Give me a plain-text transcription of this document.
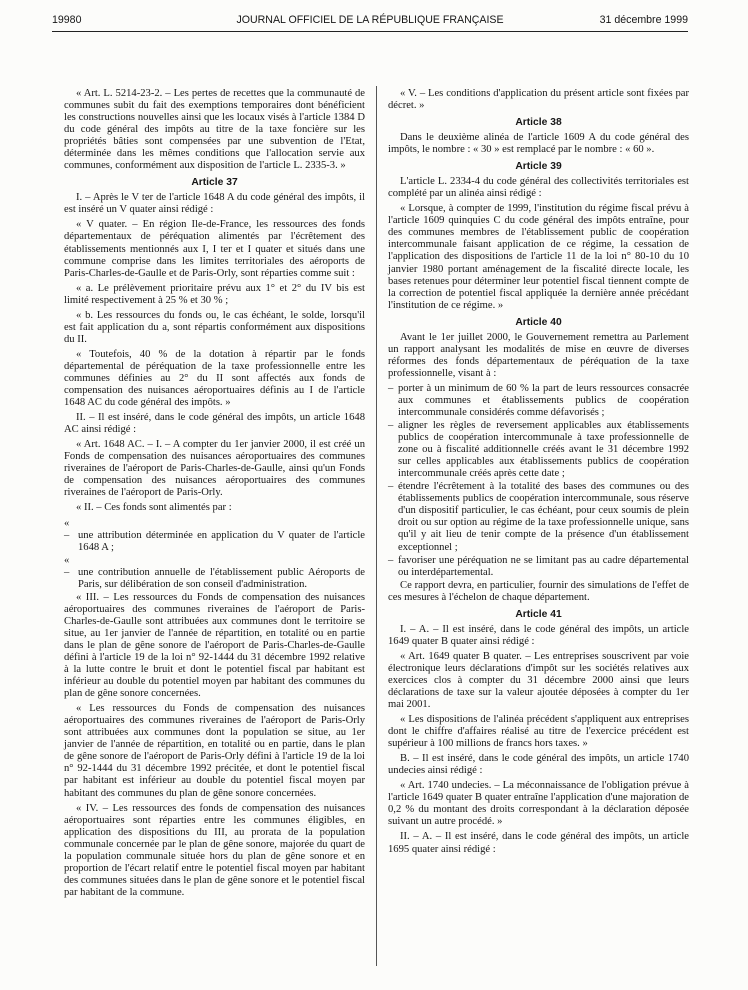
19980	JOURNAL OFFICIEL DE LA RÉPUBLIQUE FRANÇAISE	31 décembre 1999

« Art. L. 5214-23-2. – Les pertes de recettes que la communauté de communes subit du fait des exemptions temporaires dont bénéficient les constructions nouvelles ainsi que les locaux visés à l'article 1384 D du code général des impôts au titre de la taxe foncière sur les propriétés bâties sont compensées par une subvention de l'Etat, déterminée dans les mêmes conditions que l'allocation servie aux communes, conformément aux disposition de l'article L. 2335-3. »

Article 37

I. – Après le V ter de l'article 1648 A du code général des impôts, il est inséré un V quater ainsi rédigé :

« V quater. – En région Ile-de-France, les ressources des fonds départementaux de péréquation alimentés par l'écrêtement des établissements mentionnés aux I, I ter et I quater et situés dans une commune comprise dans les limites territoriales des aéroports de Paris-Charles-de-Gaulle et de Paris-Orly, sont réparties comme suit :

« a. Le prélèvement prioritaire prévu aux 1° et 2° du IV bis est limité respectivement à 25 % et 30 % ;

« b. Les ressources du fonds ou, le cas échéant, le solde, lorsqu'il est fait application du a, sont répartis conformément aux dispositions du II.

« Toutefois, 40 % de la dotation à répartir par le fonds départemental de péréquation de la taxe professionnelle entre les communes définies au 2° du II sont affectés aux fonds de compensation des nuisances aéroportuaires définis au I de l'article 1648 AC du code général des impôts. »

II. – Il est inséré, dans le code général des impôts, un article 1648 AC ainsi rédigé :

« Art. 1648 AC. – I. – A compter du 1er janvier 2000, il est créé un Fonds de compensation des nuisances aéroportuaires des communes riveraines de l'aéroport de Paris-Charles-de-Gaulle, ainsi qu'un Fonds de compensation des nuisances aéroportuaires des communes riveraines de l'aéroport de Paris-Orly.

« II. – Ces fonds sont alimentés par :

« – une attribution déterminée en application du V quater de l'article 1648 A ;
« – une contribution annuelle de l'établissement public Aéroports de Paris, sur délibération de son conseil d'administration.

« III. – Les ressources du Fonds de compensation des nuisances aéroportuaires des communes riveraines de l'aéroport de Paris-Charles-de-Gaulle sont attribuées aux communes dont le territoire se situe, au 1er janvier de l'année de répartition, en totalité ou en partie dans le plan de gêne sonore de l'aéroport de Paris-Charles-de-Gaulle défini à l'article 19 de la loi n° 92-1444 du 31 décembre 1992 relative à la lutte contre le bruit et dont le potentiel fiscal par habitant est inférieur au double du potentiel moyen par habitant des communes du plan de gêne sonore concernées.

« Les ressources du Fonds de compensation des nuisances aéroportuaires des communes riveraines de l'aéroport de Paris-Orly sont attribuées aux communes dont la population se situe, au 1er janvier de l'année de répartition, en totalité ou en partie, dans le plan de gêne sonore de l'aéroport de Paris-Orly défini à l'article 19 de la loi n° 92-1444 du 31 décembre 1992 précitée, et dont le potentiel fiscal par habitant est inférieur au double du potentiel fiscal moyen par habitant des communes du plan de gêne sonore concernées.

« IV. – Les ressources des fonds de compensation des nuisances aéroportuaires sont réparties entre les communes éligibles, en application des dispositions du III, au prorata de la population communale concernée par le plan de gêne sonore, majorée du quart de la population communale située hors du plan de gêne sonore et en proportion de l'écart relatif entre le potentiel fiscal moyen par habitant des communes situées dans le plan de gêne sonore et le potentiel fiscal par habitant de la commune.

« V. – Les conditions d'application du présent article sont fixées par décret. »

Article 38

Dans le deuxième alinéa de l'article 1609 A du code général des impôts, le nombre : « 30 » est remplacé par le nombre : « 60 ».

Article 39

L'article L. 2334-4 du code général des collectivités territoriales est complété par un alinéa ainsi rédigé :

« Lorsque, à compter de 1999, l'institution du régime fiscal prévu à l'article 1609 quinquies C du code général des impôts entraîne, pour des communes membres de l'établissement public de coopération intercommunale faisant application de ce régime, la cessation de l'application des dispositions de l'article 11 de la loi n° 80-10 du 10 janvier 1980 portant aménagement de la fiscalité directe locale, les bases retenues pour déterminer leur potentiel fiscal tiennent compte de la correction de potentiel fiscal appliquée la dernière année précédant l'institution de ce régime. »

Article 40

Avant le 1er juillet 2000, le Gouvernement remettra au Parlement un rapport analysant les modalités de mise en œuvre de diverses réformes des fonds départementaux de péréquation de la taxe professionnelle, visant à :

– porter à un minimum de 60 % la part de leurs ressources consacrée aux communes et établissements publics de coopération intercommunale considérés comme défavorisés ;
– aligner les règles de reversement applicables aux établissements publics de coopération intercommunale à taxe professionnelle de zone ou à fiscalité additionnelle créés avant le 31 décembre 1992 sur celles applicables aux établissements publics de coopération intercommunale créés après cette date ;
– étendre l'écrêtement à la totalité des bases des communes ou des établissements publics de coopération intercommunale, sous réserve d'un dispositif particulier, le cas échéant, pour ceux soumis de plein droit ou sur option au régime de la taxe professionnelle unique, sans qu'il y ait lieu de tenir compte de la présence d'un établissement exceptionnel ;
– favoriser une péréquation ne se limitant pas au cadre départemental ou interdépartemental.

Ce rapport devra, en particulier, fournir des simulations de l'effet de ces mesures à l'échelon de chaque département.

Article 41

I. – A. – Il est inséré, dans le code général des impôts, un article 1649 quater B quater ainsi rédigé :

« Art. 1649 quater B quater. – Les entreprises souscrivent par voie électronique leurs déclarations d'impôt sur les sociétés relatives aux exercices clos à compter du 31 décembre 2000 ainsi que leurs déclarations de taxe sur la valeur ajoutée déposées à compter du 1er mai 2001.

« Les dispositions de l'alinéa précédent s'appliquent aux entreprises dont le chiffre d'affaires réalisé au titre de l'exercice précédent est supérieur à 100 millions de francs hors taxes. »

B. – Il est inséré, dans le code général des impôts, un article 1740 undecies ainsi rédigé :

« Art. 1740 undecies. – La méconnaissance de l'obligation prévue à l'article 1649 quater B quater entraîne l'application d'une majoration de 0,2 % du montant des droits correspondant à la déclaration déposée suivant un autre procédé. »

II. – A. – Il est inséré, dans le code général des impôts, un article 1695 quater ainsi rédigé :
